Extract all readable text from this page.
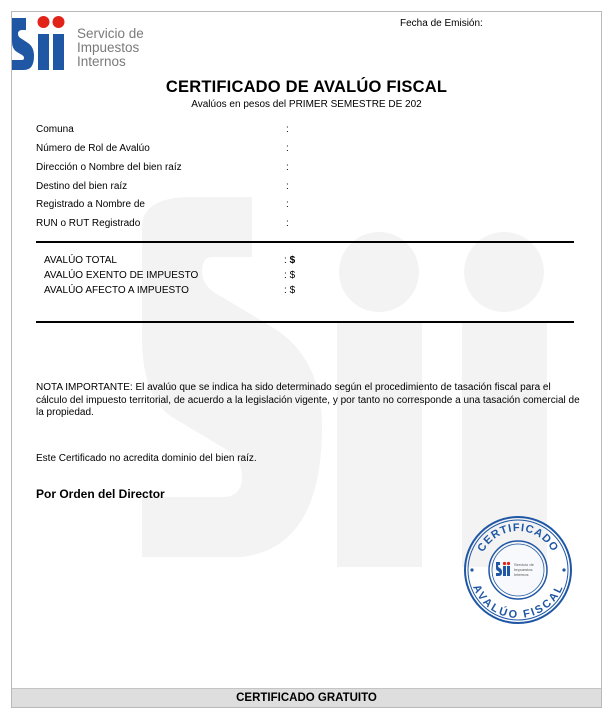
Servicio de
Impuestos
Internos
Fecha de Emisión:
CERTIFICADO DE AVALÚO FISCAL
Avalúos en pesos del PRIMER SEMESTRE DE 202
Comuna	:
Número de Rol de Avalúo	:
Dirección o Nombre del bien raíz	:
Destino del bien raíz	:
Registrado a Nombre de	:
RUN o RUT Registrado	:
AVALÚO TOTAL	: $
AVALÚO EXENTO DE IMPUESTO	: $
AVALÚO AFECTO A IMPUESTO	: $
NOTA IMPORTANTE: El avalúo que se indica ha sido determinado según el procedimiento de tasación fiscal para el cálculo del impuesto territorial, de acuerdo a la legislación vigente, y por tanto no corresponde a una tasación comercial de la propiedad.
Este Certificado no acredita dominio del bien raíz.
Por Orden del Director
CERTIFICADO
AVALÚO FISCAL
Servicio de
Impuestos
Internos
CERTIFICADO GRATUITO
